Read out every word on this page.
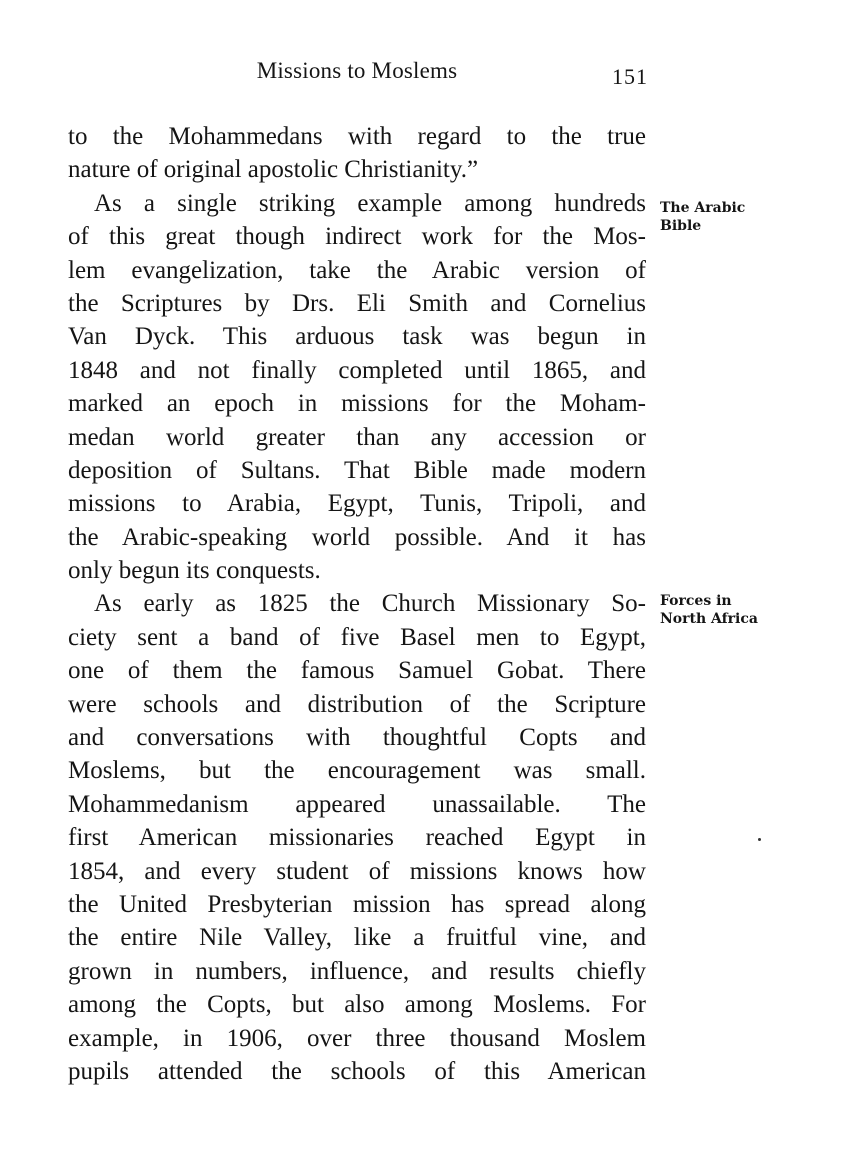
Missions to Moslems	151
The Arabic
Bible
Forces in
North Africa
to the Mohammedans with regard to the true
nature of original apostolic Christianity.”
As a single striking example among hundreds
of this great though indirect work for the Mos-
lem evangelization, take the Arabic version of
the Scriptures by Drs. Eli Smith and Cornelius
Van Dyck. This arduous task was begun in
1848 and not finally completed until 1865, and
marked an epoch in missions for the Moham-
medan world greater than any accession or
deposition of Sultans. That Bible made modern
missions to Arabia, Egypt, Tunis, Tripoli, and
the Arabic-speaking world possible. And it has
only begun its conquests.
As early as 1825 the Church Missionary So-
ciety sent a band of five Basel men to Egypt,
one of them the famous Samuel Gobat. There
were schools and distribution of the Scripture
and conversations with thoughtful Copts and
Moslems, but the encouragement was small.
Mohammedanism appeared unassailable. The
first American missionaries reached Egypt in
1854, and every student of missions knows how
the United Presbyterian mission has spread along
the entire Nile Valley, like a fruitful vine, and
grown in numbers, influence, and results chiefly
among the Copts, but also among Moslems. For
example, in 1906, over three thousand Moslem
pupils attended the schools of this American
